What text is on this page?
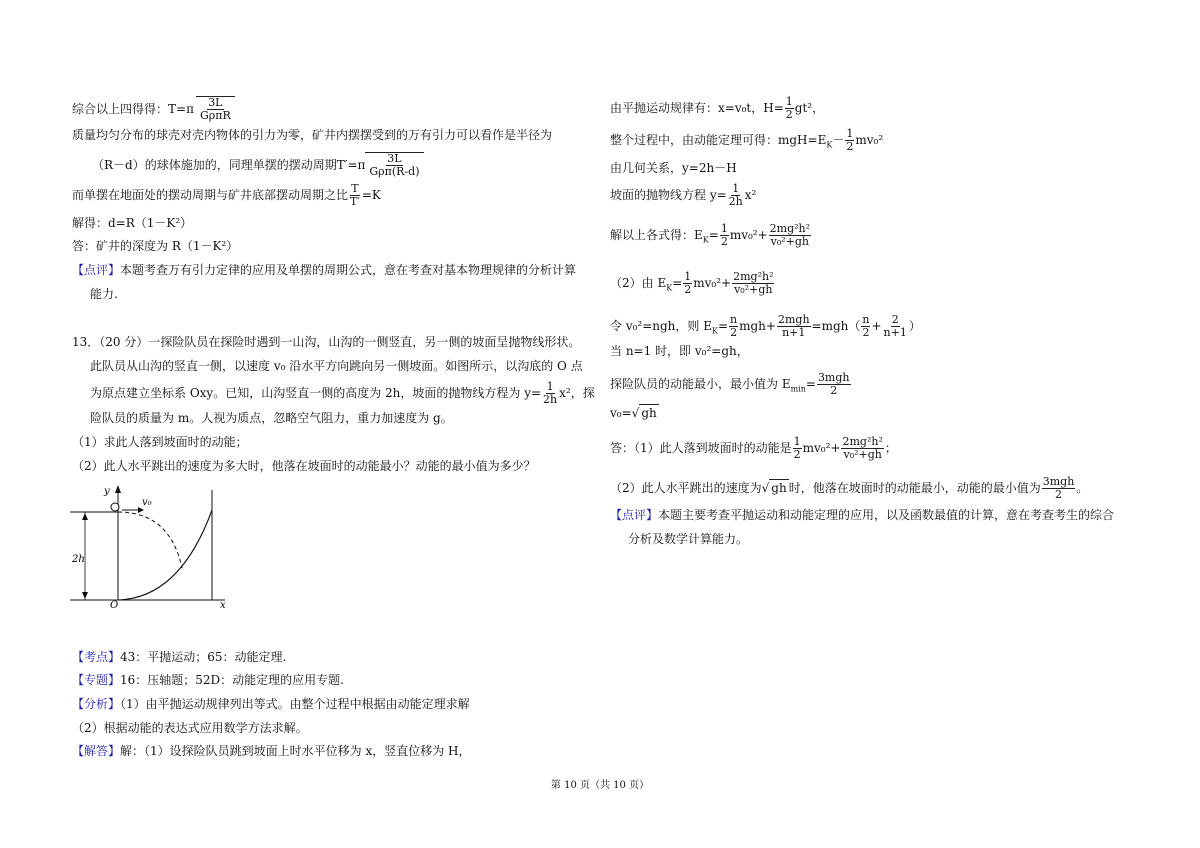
综合以上四得得：$T=\pi \frac{3L}{\text{GρπR}}$
质量均匀分布的球壳对壳内物体的引力为零，矿井内摆摆受到的万有引力可以看作是半径为
（R－d）的球体施加的，同理单摆的摆动周期$T'=\pi \frac{3L}{\text{Gρπ(R-d)}}$
而单摆在地面处的摆动周期与矿井底部摆动周期之比 $\frac{T}{T'} =K$
解得：d=R（1－K²）
答：矿井的深度为 R（1－K²）
【点评】本题考查万有引力定律的应用及单摆的周期公式，意在考查对基本物理规律的分析计算
能力.
13．（20 分）一探险队员在探险时遇到一山沟，山沟的一侧竖直，另一侧的坡面呈抛物线形状。
此队员从山沟的竖直一侧，以速度 v₀ 沿水平方向跳向另一侧坡面。如图所示，以沟底的 O 点
为原点建立坐标系 Oxy。已知，山沟竖直一侧的高度为 2h，坡面的抛物线方程为 $y= \frac{1}{2h} x^2$，探
险队员的质量为 m。人视为质点，忽略空气阻力，重力加速度为 g。
（1）求此人落到坡面时的动能；
（2）此人水平跳出的速度为多大时，他落在坡面时的动能最小？动能的最小值为多少？
y
v₀
2h
O	x
【考点】43：平抛运动；65：动能定理.
【专题】16：压轴题；52D：动能定理的应用专题.
【分析】（1）由平抛运动规律列出等式。由整个过程中根据由动能定理求解
（2）根据动能的表达式应用数学方法求解。
【解答】解：（1）设探险队员跳到坡面上时水平位移为 x，竖直位移为 H，
由平抛运动规律有：x=v₀t，$H= \frac{1}{2} gt^2$，
整个过程中，由动能定理可得：$mgH=E_K- \frac{1}{2} mv_0^2$
由几何关系，y=2h－H
坡面的抛物线方程 $y= \frac{1}{2h} x^2$
解以上各式得：$E_K= \frac{1}{2} mv_0^2+ \frac{\text{2mg²h²}}{\text{v₀²+gh}}$
（2）由 $E_K= \frac{1}{2} mv_0^2+ \frac{\text{2mg²h²}}{\text{v₀²+gh}}$
令 v₀²=ngh，则 $E_K= \frac{n}{2} mgh+ \frac{\text{2mgh}}{n+1} =mgh( \frac{n}{2} + \frac{2}{n+1}$ ）
当 n=1 时，即 v₀²=gh，
探险队员的动能最小，最小值为 $E_{min}= \frac{\text{3mgh}}{2}$
v₀=√ gh
答：（1）此人落到坡面时的动能是 $\frac{1}{2} mv_0^2+ \frac{\text{2mg²h²}}{\text{v₀²+gh}}$ ；
（2）此人水平跳出的速度为√ gh 时，他落在坡面时的动能最小，动能的最小值为 $\frac{\text{3mgh}}{2}$ 。
【点评】本题主要考查平抛运动和动能定理的应用，以及函数最值的计算，意在考查考生的综合
分析及数学计算能力。
第 10 页（共 10 页）
